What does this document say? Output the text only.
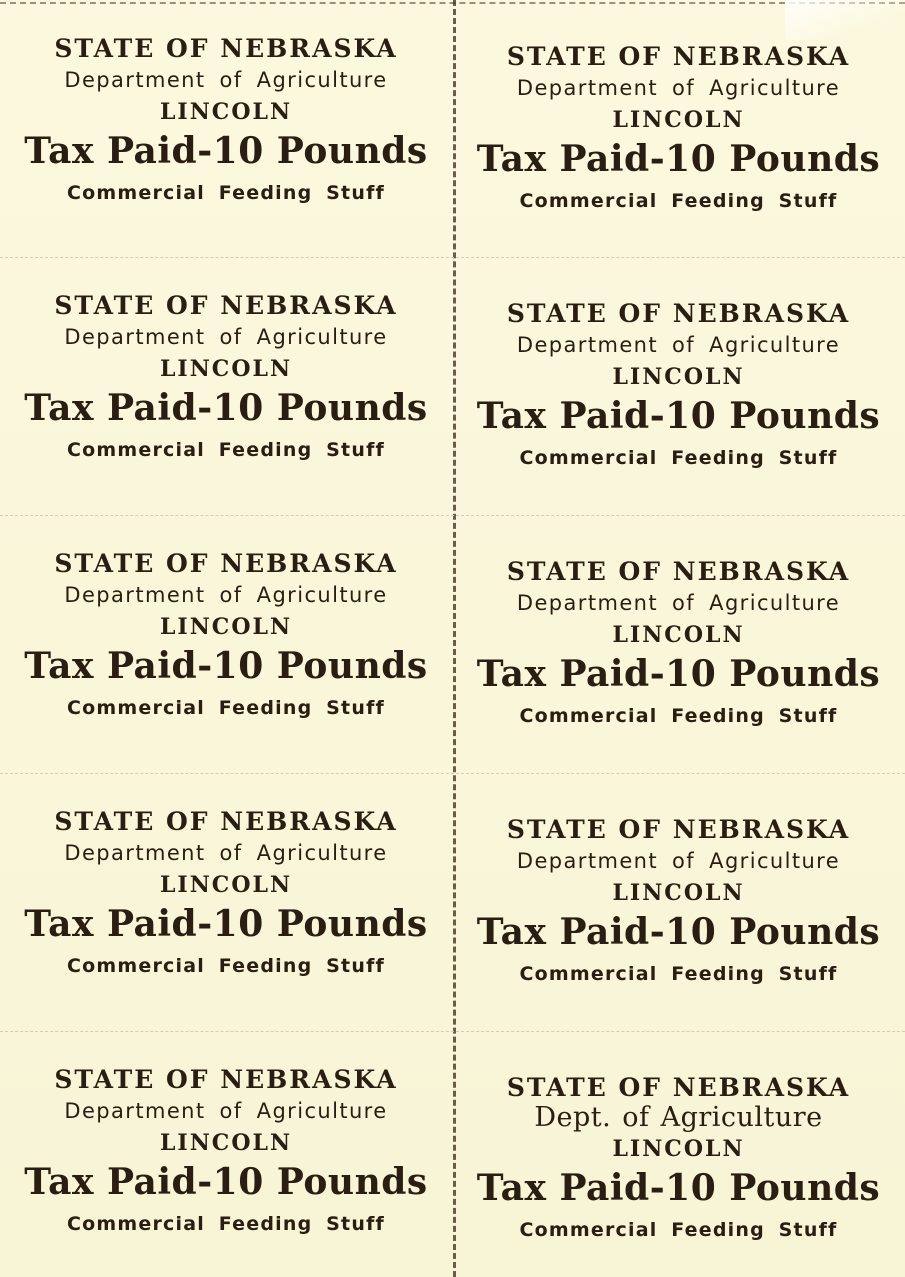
STATE OF NEBRASKA
Department of Agriculture
LINCOLN
Tax Paid-10 Pounds
Commercial Feeding Stuff
STATE OF NEBRASKA
Department of Agriculture
LINCOLN
Tax Paid-10 Pounds
Commercial Feeding Stuff
STATE OF NEBRASKA
Department of Agriculture
LINCOLN
Tax Paid-10 Pounds
Commercial Feeding Stuff
STATE OF NEBRASKA
Department of Agriculture
LINCOLN
Tax Paid-10 Pounds
Commercial Feeding Stuff
STATE OF NEBRASKA
Department of Agriculture
LINCOLN
Tax Paid-10 Pounds
Commercial Feeding Stuff
STATE OF NEBRASKA
Department of Agriculture
LINCOLN
Tax Paid-10 Pounds
Commercial Feeding Stuff
STATE OF NEBRASKA
Department of Agriculture
LINCOLN
Tax Paid-10 Pounds
Commercial Feeding Stuff
STATE OF NEBRASKA
Department of Agriculture
LINCOLN
Tax Paid-10 Pounds
Commercial Feeding Stuff
STATE OF NEBRASKA
Department of Agriculture
LINCOLN
Tax Paid-10 Pounds
Commercial Feeding Stuff
STATE OF NEBRASKA
Dept. of Agriculture
LINCOLN
Tax Paid-10 Pounds
Commercial Feeding Stuff
